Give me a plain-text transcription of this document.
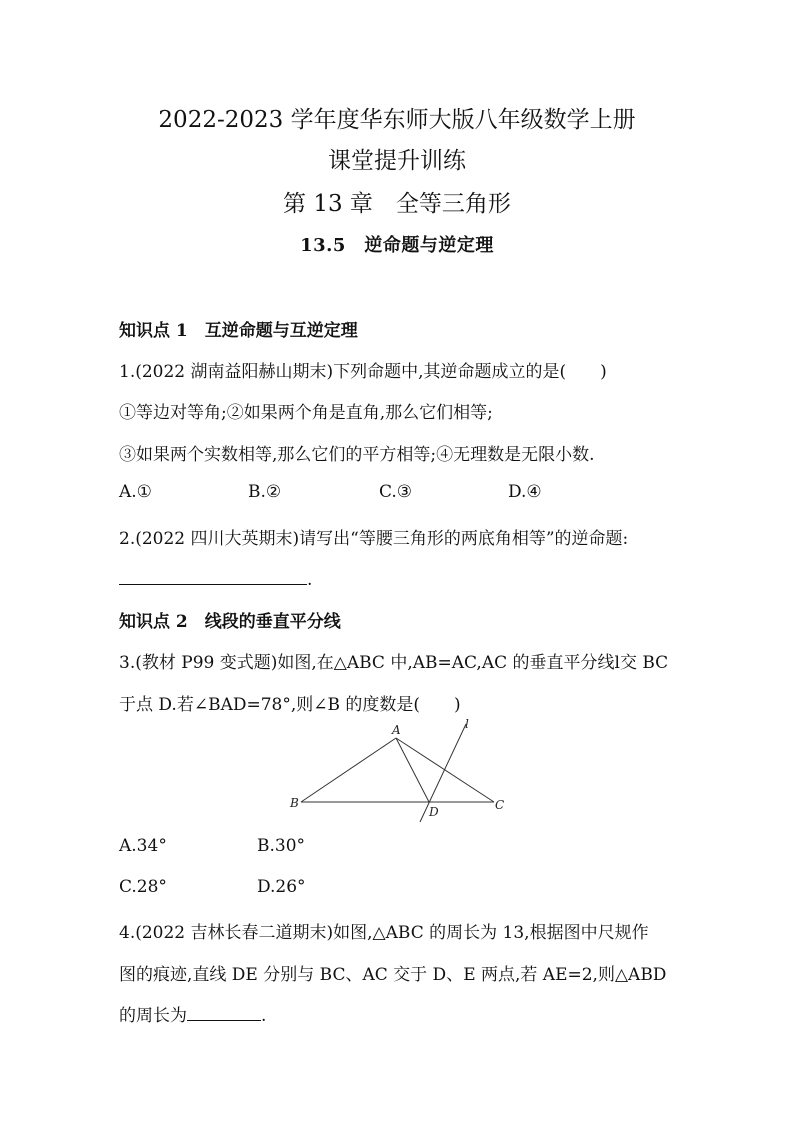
2022-2023 学年度华东师大版八年级数学上册
课堂提升训练
第 13 章　全等三角形
13.5　逆命题与逆定理
知识点 1　互逆命题与互逆定理
1.(2022 湖南益阳赫山期末)下列命题中,其逆命题成立的是(　　)
①等边对等角;②如果两个角是直角,那么它们相等;
③如果两个实数相等,那么它们的平方相等;④无理数是无限小数.
A.①	B.②	C.③	D.④
2.(2022 四川大英期末)请写出“等腰三角形的两底角相等”的逆命题:
.
知识点 2　线段的垂直平分线
3.(教材 P99 变式题)如图,在△ABC 中,AB=AC,AC 的垂直平分线l交 BC
于点 D.若∠BAD=78°,则∠B 的度数是(　　)
A
B	C
D
l
A.34°	B.30°
C.28°	D.26°
4.(2022 吉林长春二道期末)如图,△ABC 的周长为 13,根据图中尺规作
图的痕迹,直线 DE 分别与 BC、AC 交于 D、E 两点,若 AE=2,则△ABD
的周长为	.
